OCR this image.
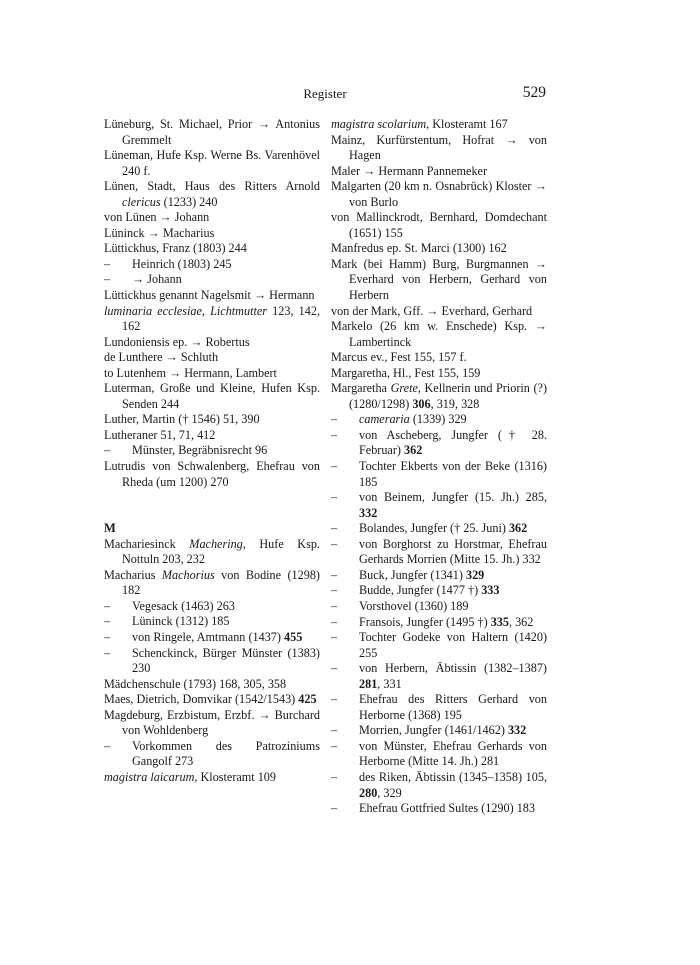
Register	529

Lüneburg, St. Michael, Prior → Antonius Gremmelt

Lüneman, Hufe Ksp. Werne Bs. Varenhövel 240 f.

Lünen, Stadt, Haus des Ritters Arnold clericus (1233) 240

von Lünen → Johann

Lüninck → Macharius

Lüttickhus, Franz (1803) 244

– Heinrich (1803) 245

– → Johann

Lüttickhus genannt Nagelsmit → Hermann

luminaria ecclesiae, Lichtmutter 123, 142, 162

Lundoniensis ep. → Robertus

de Lunthere → Schluth

to Lutenhem → Hermann, Lambert

Luterman, Große und Kleine, Hufen Ksp. Senden 244

Luther, Martin († 1546) 51, 390

Lutheraner 51, 71, 412

– Münster, Begräbnisrecht 96

Lutrudis von Schwalenberg, Ehefrau von Rheda (um 1200) 270

M

Machariesinck Machering, Hufe Ksp. Nottuln 203, 232

Macharius Machorius von Bodine (1298) 182

– Vegesack (1463) 263

– Lüninck (1312) 185

– von Ringele, Amtmann (1437) 455

– Schenckinck, Bürger Münster (1383) 230

Mädchenschule (1793) 168, 305, 358

Maes, Dietrich, Domvikar (1542/1543) 425

Magdeburg, Erzbistum, Erzbf. → Burchard von Wohldenberg

– Vorkommen des Patroziniums Gangolf 273

magistra laicarum, Klosteramt 109

magistra scolarium, Klosteramt 167

Mainz, Kurfürstentum, Hofrat → von Hagen

Maler → Hermann Pannemeker

Malgarten (20 km n. Osnabrück) Kloster → von Burlo

von Mallinckrodt, Bernhard, Domdechant (1651) 155

Manfredus ep. St. Marci (1300) 162

Mark (bei Hamm) Burg, Burgmannen → Everhard von Herbern, Gerhard von Herbern

von der Mark, Gff. → Everhard, Gerhard

Markelo (26 km w. Enschede) Ksp. → Lambertinck

Marcus ev., Fest 155, 157 f.

Margaretha, Hl., Fest 155, 159

Margaretha Grete, Kellnerin und Priorin (?) (1280/1298) 306, 319, 328

– cameraria (1339) 329

– von Ascheberg, Jungfer († 28. Februar) 362

– Tochter Ekberts von der Beke (1316) 185

– von Beinem, Jungfer (15. Jh.) 285, 332

– Bolandes, Jungfer († 25. Juni) 362

– von Borghorst zu Horstmar, Ehefrau Gerhards Morrien (Mitte 15. Jh.) 332

– Buck, Jungfer (1341) 329

– Budde, Jungfer (1477 †) 333

– Vorsthovel (1360) 189

– Fransois, Jungfer (1495 †) 335, 362

– Tochter Godeke von Haltern (1420) 255

– von Herbern, Äbtissin (1382–1387) 281, 331

– Ehefrau des Ritters Gerhard von Herborne (1368) 195

– Morrien, Jungfer (1461/1462) 332

– von Münster, Ehefrau Gerhards von Herborne (Mitte 14. Jh.) 281

– des Riken, Äbtissin (1345–1358) 105, 280, 329

– Ehefrau Gottfried Sultes (1290) 183
